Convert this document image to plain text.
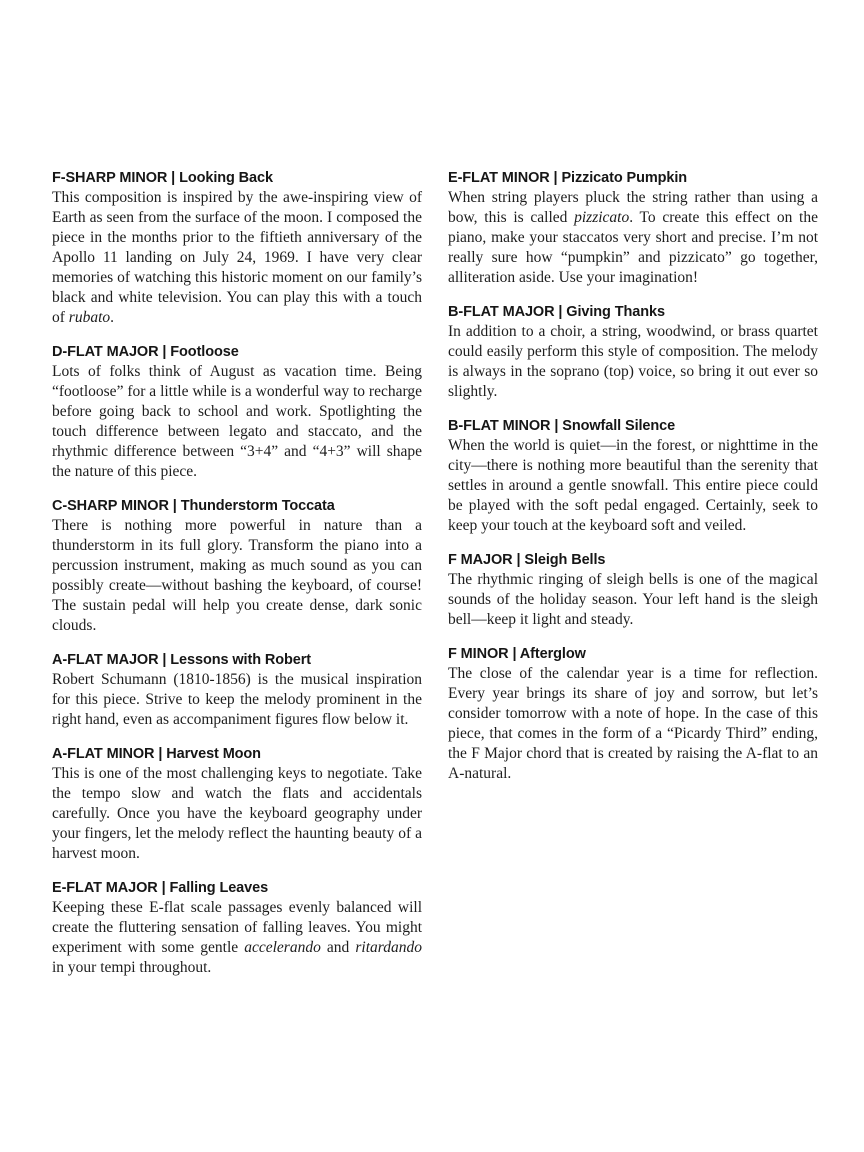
F-SHARP MINOR | Looking Back

This composition is inspired by the awe-inspiring view of Earth as seen from the surface of the moon. I composed the piece in the months prior to the fiftieth anniversary of the Apollo 11 landing on July 24, 1969. I have very clear memories of watching this historic moment on our family’s black and white television. You can play this with a touch of rubato.

D-FLAT MAJOR | Footloose

Lots of folks think of August as vacation time. Being “footloose” for a little while is a wonderful way to recharge before going back to school and work. Spotlighting the touch difference between legato and staccato, and the rhythmic difference between “3+4” and “4+3” will shape the nature of this piece.

C-SHARP MINOR | Thunderstorm Toccata

There is nothing more powerful in nature than a thunderstorm in its full glory. Transform the piano into a percussion instrument, making as much sound as you can possibly create—without bashing the keyboard, of course! The sustain pedal will help you create dense, dark sonic clouds.

A-FLAT MAJOR | Lessons with Robert

Robert Schumann (1810-1856) is the musical inspiration for this piece. Strive to keep the melody prominent in the right hand, even as accompaniment figures flow below it.

A-FLAT MINOR | Harvest Moon

This is one of the most challenging keys to negotiate. Take the tempo slow and watch the flats and accidentals carefully. Once you have the keyboard geography under your fingers, let the melody reflect the haunting beauty of a harvest moon.

E-FLAT MAJOR | Falling Leaves

Keeping these E-flat scale passages evenly balanced will create the fluttering sensation of falling leaves. You might experiment with some gentle accelerando and ritardando in your tempi throughout.

E-FLAT MINOR | Pizzicato Pumpkin

When string players pluck the string rather than using a bow, this is called pizzicato. To create this effect on the piano, make your staccatos very short and precise. I’m not really sure how “pumpkin” and pizzicato” go together, alliteration aside. Use your imagination!

B-FLAT MAJOR | Giving Thanks

In addition to a choir, a string, woodwind, or brass quartet could easily perform this style of composition. The melody is always in the soprano (top) voice, so bring it out ever so slightly.

B-FLAT MINOR | Snowfall Silence

When the world is quiet—in the forest, or nighttime in the city—there is nothing more beautiful than the serenity that settles in around a gentle snowfall. This entire piece could be played with the soft pedal engaged. Certainly, seek to keep your touch at the keyboard soft and veiled.

F MAJOR | Sleigh Bells

The rhythmic ringing of sleigh bells is one of the magical sounds of the holiday season. Your left hand is the sleigh bell—keep it light and steady.

F MINOR | Afterglow

The close of the calendar year is a time for reflection. Every year brings its share of joy and sorrow, but let’s consider tomorrow with a note of hope. In the case of this piece, that comes in the form of a “Picardy Third” ending, the F Major chord that is created by raising the A-flat to an A-natural.
